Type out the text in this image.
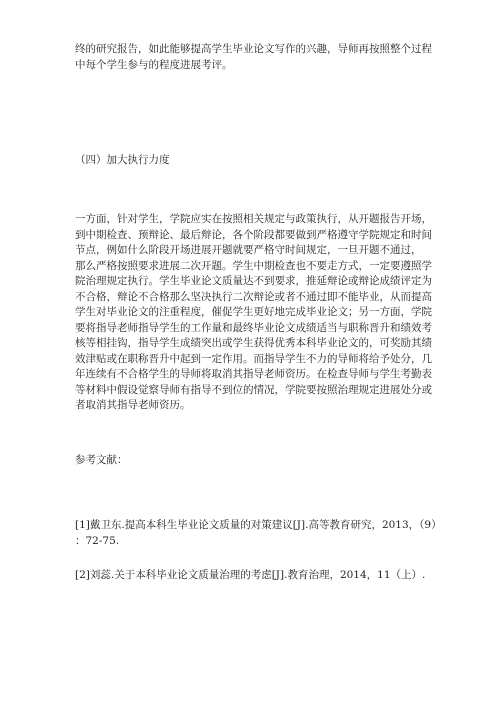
终的研究报告，如此能够提高学生毕业论文写作的兴趣，导师再按照整个过程
中每个学生参与的程度进展考评。
（四）加大执行力度
一方面，针对学生，学院应实在按照相关规定与政策执行，从开题报告开场，
到中期检查、预辩论、最后辩论，各个阶段都要做到严格遵守学院规定和时间
节点，例如什么阶段开场进展开题就要严格守时间规定，一旦开题不通过，
那么严格按照要求进展二次开题。学生中期检查也不要走方式，一定要遵照学
院治理规定执行。学生毕业论文质量达不到要求，推延辩论或辩论成绩评定为
不合格，辩论不合格那么坚决执行二次辩论或者不通过即不能毕业，从而提高
学生对毕业论文的注重程度，催促学生更好地完成毕业论文；另一方面，学院
要将指导老师指导学生的工作量和最终毕业论文成绩适当与职称晋升和绩效考
核等相挂钩，指导学生成绩突出或学生获得优秀本科毕业论文的，可奖励其绩
效津贴或在职称晋升中起到一定作用。而指导学生不力的导师将给予处分，几
年连续有不合格学生的导师将取消其指导老师资历。在检查导师与学生考勤表
等材料中假设觉察导师有指导不到位的情况，学院要按照治理规定进展处分或
者取消其指导老师资历。
参考文献：
[1]戴卫东.提高本科生毕业论文质量的对策建议[J].高等教育研究，2013，（9）
：72-75.
[2]刘蕊.关于本科毕业论文质量治理的考虑[J].教育治理，2014，11（上）.
